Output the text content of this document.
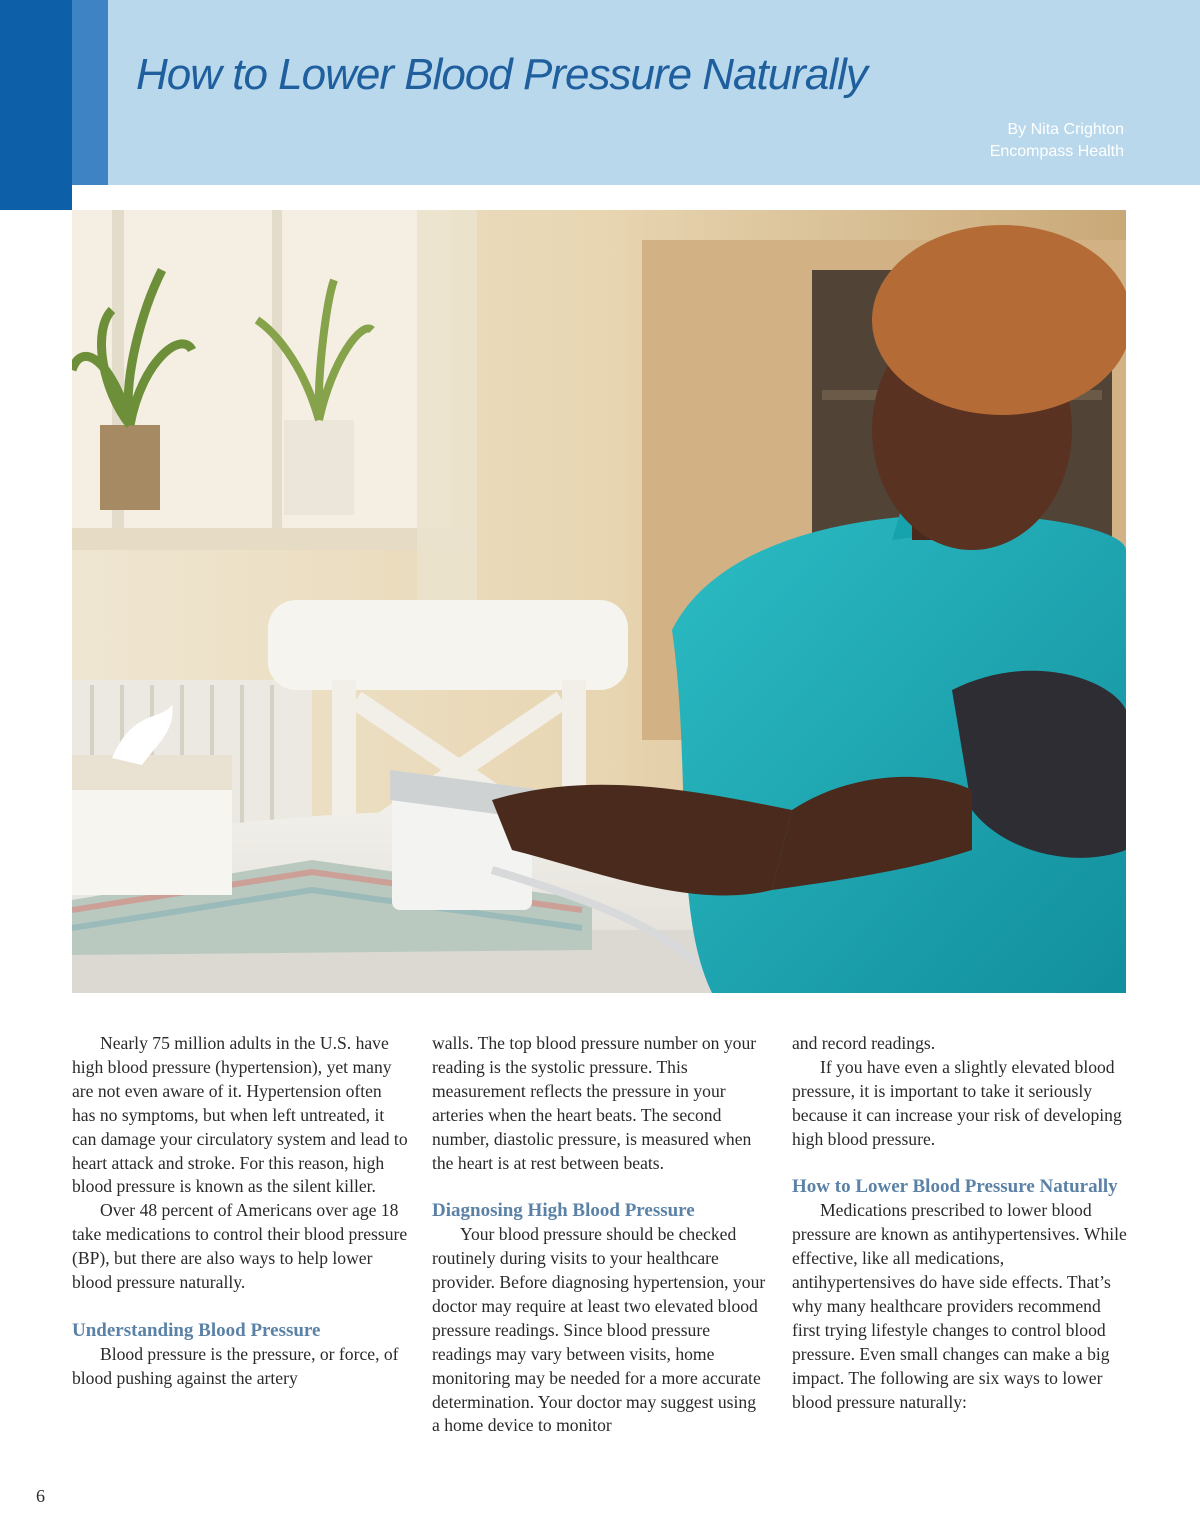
How to Lower Blood Pressure Naturally
By Nita Crighton
Encompass Health

Nearly 75 million adults in the U.S. have high blood pressure (hypertension), yet many are not even aware of it. Hypertension often has no symptoms, but when left untreated, it can damage your circulatory system and lead to heart attack and stroke. For this reason, high blood pressure is known as the silent killer.

Over 48 percent of Americans over age 18 take medications to control their blood pressure (BP), but there are also ways to help lower blood pressure naturally.

Understanding Blood Pressure

Blood pressure is the pressure, or force, of blood pushing against the artery

walls. The top blood pressure number on your reading is the systolic pressure. This measurement reflects the pressure in your arteries when the heart beats. The second number, diastolic pressure, is measured when the heart is at rest between beats.

Diagnosing High Blood Pressure

Your blood pressure should be checked routinely during visits to your healthcare provider. Before diagnosing hypertension, your doctor may require at least two elevated blood pressure readings. Since blood pressure readings may vary between visits, home monitoring may be needed for a more accurate determination. Your doctor may suggest using a home device to monitor

and record readings.

If you have even a slightly elevated blood pressure, it is important to take it seriously because it can increase your risk of developing high blood pressure.

How to Lower Blood Pressure Naturally

Medications prescribed to lower blood pressure are known as antihypertensives. While effective, like all medications, antihypertensives do have side effects. That’s why many healthcare providers recommend first trying lifestyle changes to control blood pressure. Even small changes can make a big impact. The following are six ways to lower blood pressure naturally:

6
